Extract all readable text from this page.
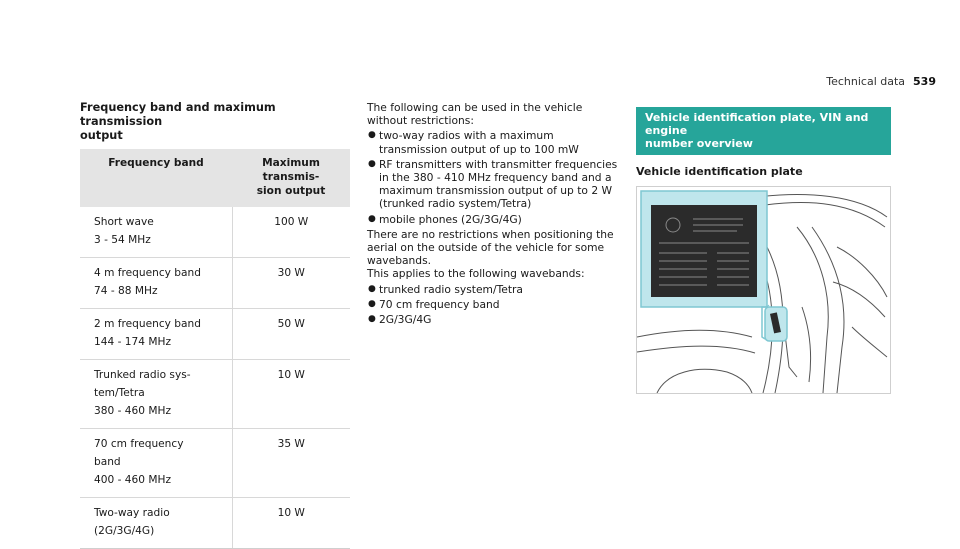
Technical data 539
Frequency band and maximum transmission
output
Frequency band	Maximum transmis-
sion output

Short wave
3 - 54 MHz	100 W

4 m frequency band
74 - 88 MHz	30 W

2 m frequency band
144 - 174 MHz	50 W

Trunked radio sys-
tem/Tetra
380 - 460 MHz	10 W

70 cm frequency
band
400 - 460 MHz	35 W

Two-way radio
(2G/3G/4G)	10 W

The following can be used in the vehicle without restrictions:

● two-way radios with a maximum transmission output of up to 100 mW
● RF transmitters with transmitter frequencies in the 380 - 410 MHz frequency band and a maximum transmission output of up to 2 W (trunked radio system/Tetra)
● mobile phones (2G/3G/4G)

There are no restrictions when positioning the aerial on the outside of the vehicle for some wavebands.

This applies to the following wavebands:

● trunked radio system/Tetra
● 70 cm frequency band
● 2G/3G/4G
Vehicle identification plate, VIN and engine
number overview
Vehicle identification plate
